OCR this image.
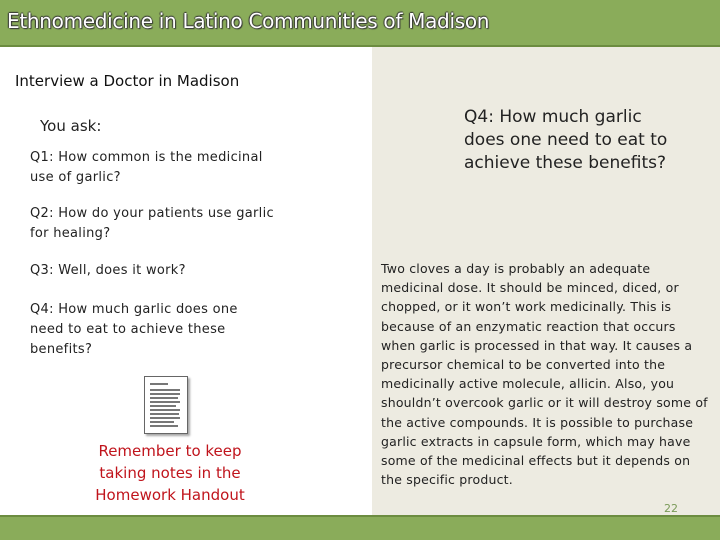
Ethnomedicine in Latino Communities of Madison
Interview a Doctor in Madison
You ask:
Q1: How common is the medicinal use of garlic?
Q2: How do your patients use garlic for healing?
Q3: Well, does it work?
Q4: How much garlic does one need to eat to achieve these benefits?
Remember to keep taking notes in the Homework Handout
Q4: How much garlic does one need to eat to achieve these benefits?
Two cloves a day is probably an adequate medicinal dose. It should be minced, diced, or chopped, or it won’t work medicinally. This is because of an enzymatic reaction that occurs when garlic is processed in that way. It causes a precursor chemical to be converted into the medicinally active molecule, allicin. Also, you shouldn’t overcook garlic or it will destroy some of the active compounds. It is possible to purchase garlic extracts in capsule form, which may have some of the medicinal effects but it depends on the specific product.
22
